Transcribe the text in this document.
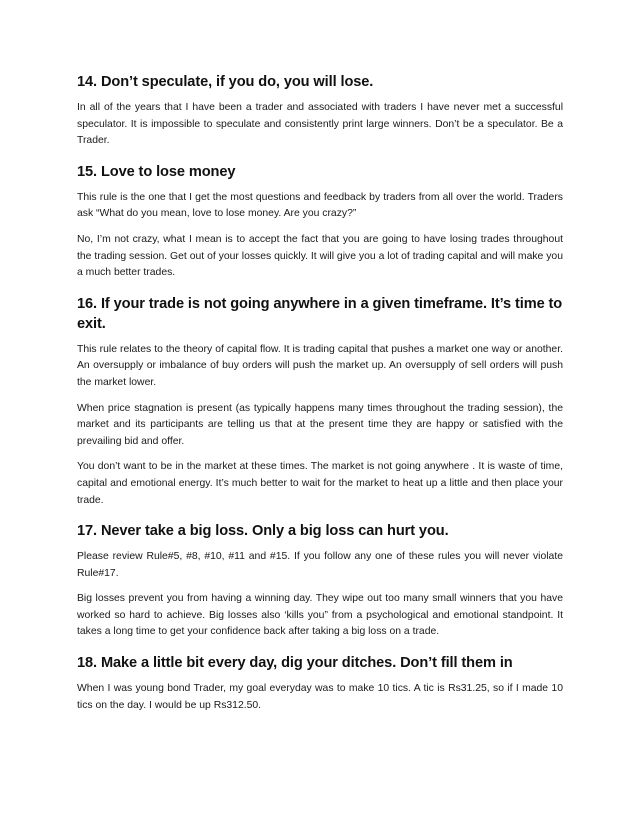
14. Don’t speculate, if you do, you will lose.

In all of the years that I have been a trader and associated with traders I have never met a successful speculator. It is impossible to speculate and consistently print large winners. Don’t be a speculator. Be a Trader.

15. Love to lose money

This rule is the one that I get the most questions and feedback by traders from all over the world. Traders ask “What do you mean, love to lose money. Are you crazy?”

No, I’m not crazy, what I mean is to accept the fact that you are going to have losing trades throughout the trading session. Get out of your losses quickly. It will give you a lot of trading capital and will make you a much better trades.

16. If your trade is not going anywhere in a given timeframe. It’s time to exit.

This rule relates to the theory of capital flow. It is trading capital that pushes a market one way or another. An oversupply or imbalance of buy orders will push the market up. An oversupply of sell orders will push the market lower.

When price stagnation is present (as typically happens many times throughout the trading session), the market and its participants are telling us that at the present time they are happy or satisfied with the prevailing bid and offer.

You don’t want to be in the market at these times. The market is not going anywhere . It is waste of time, capital and emotional energy. It’s much better to wait for the market to heat up a little and then place your trade.

17. Never take a big loss. Only a big loss can hurt you.

Please review Rule#5, #8, #10, #11 and #15. If you follow any one of these rules you will never violate Rule#17.

Big losses prevent you from having a winning day. They wipe out too many small winners that you have worked so hard to achieve. Big losses also ‘kills you” from a psychological and emotional standpoint. It takes a long time to get your confidence back after taking a big loss on a trade.

18. Make a little bit every day, dig your ditches. Don’t fill them in

When I was young bond Trader, my goal everyday was to make 10 tics. A tic is Rs31.25, so if I made 10 tics on the day. I would be up Rs312.50.
